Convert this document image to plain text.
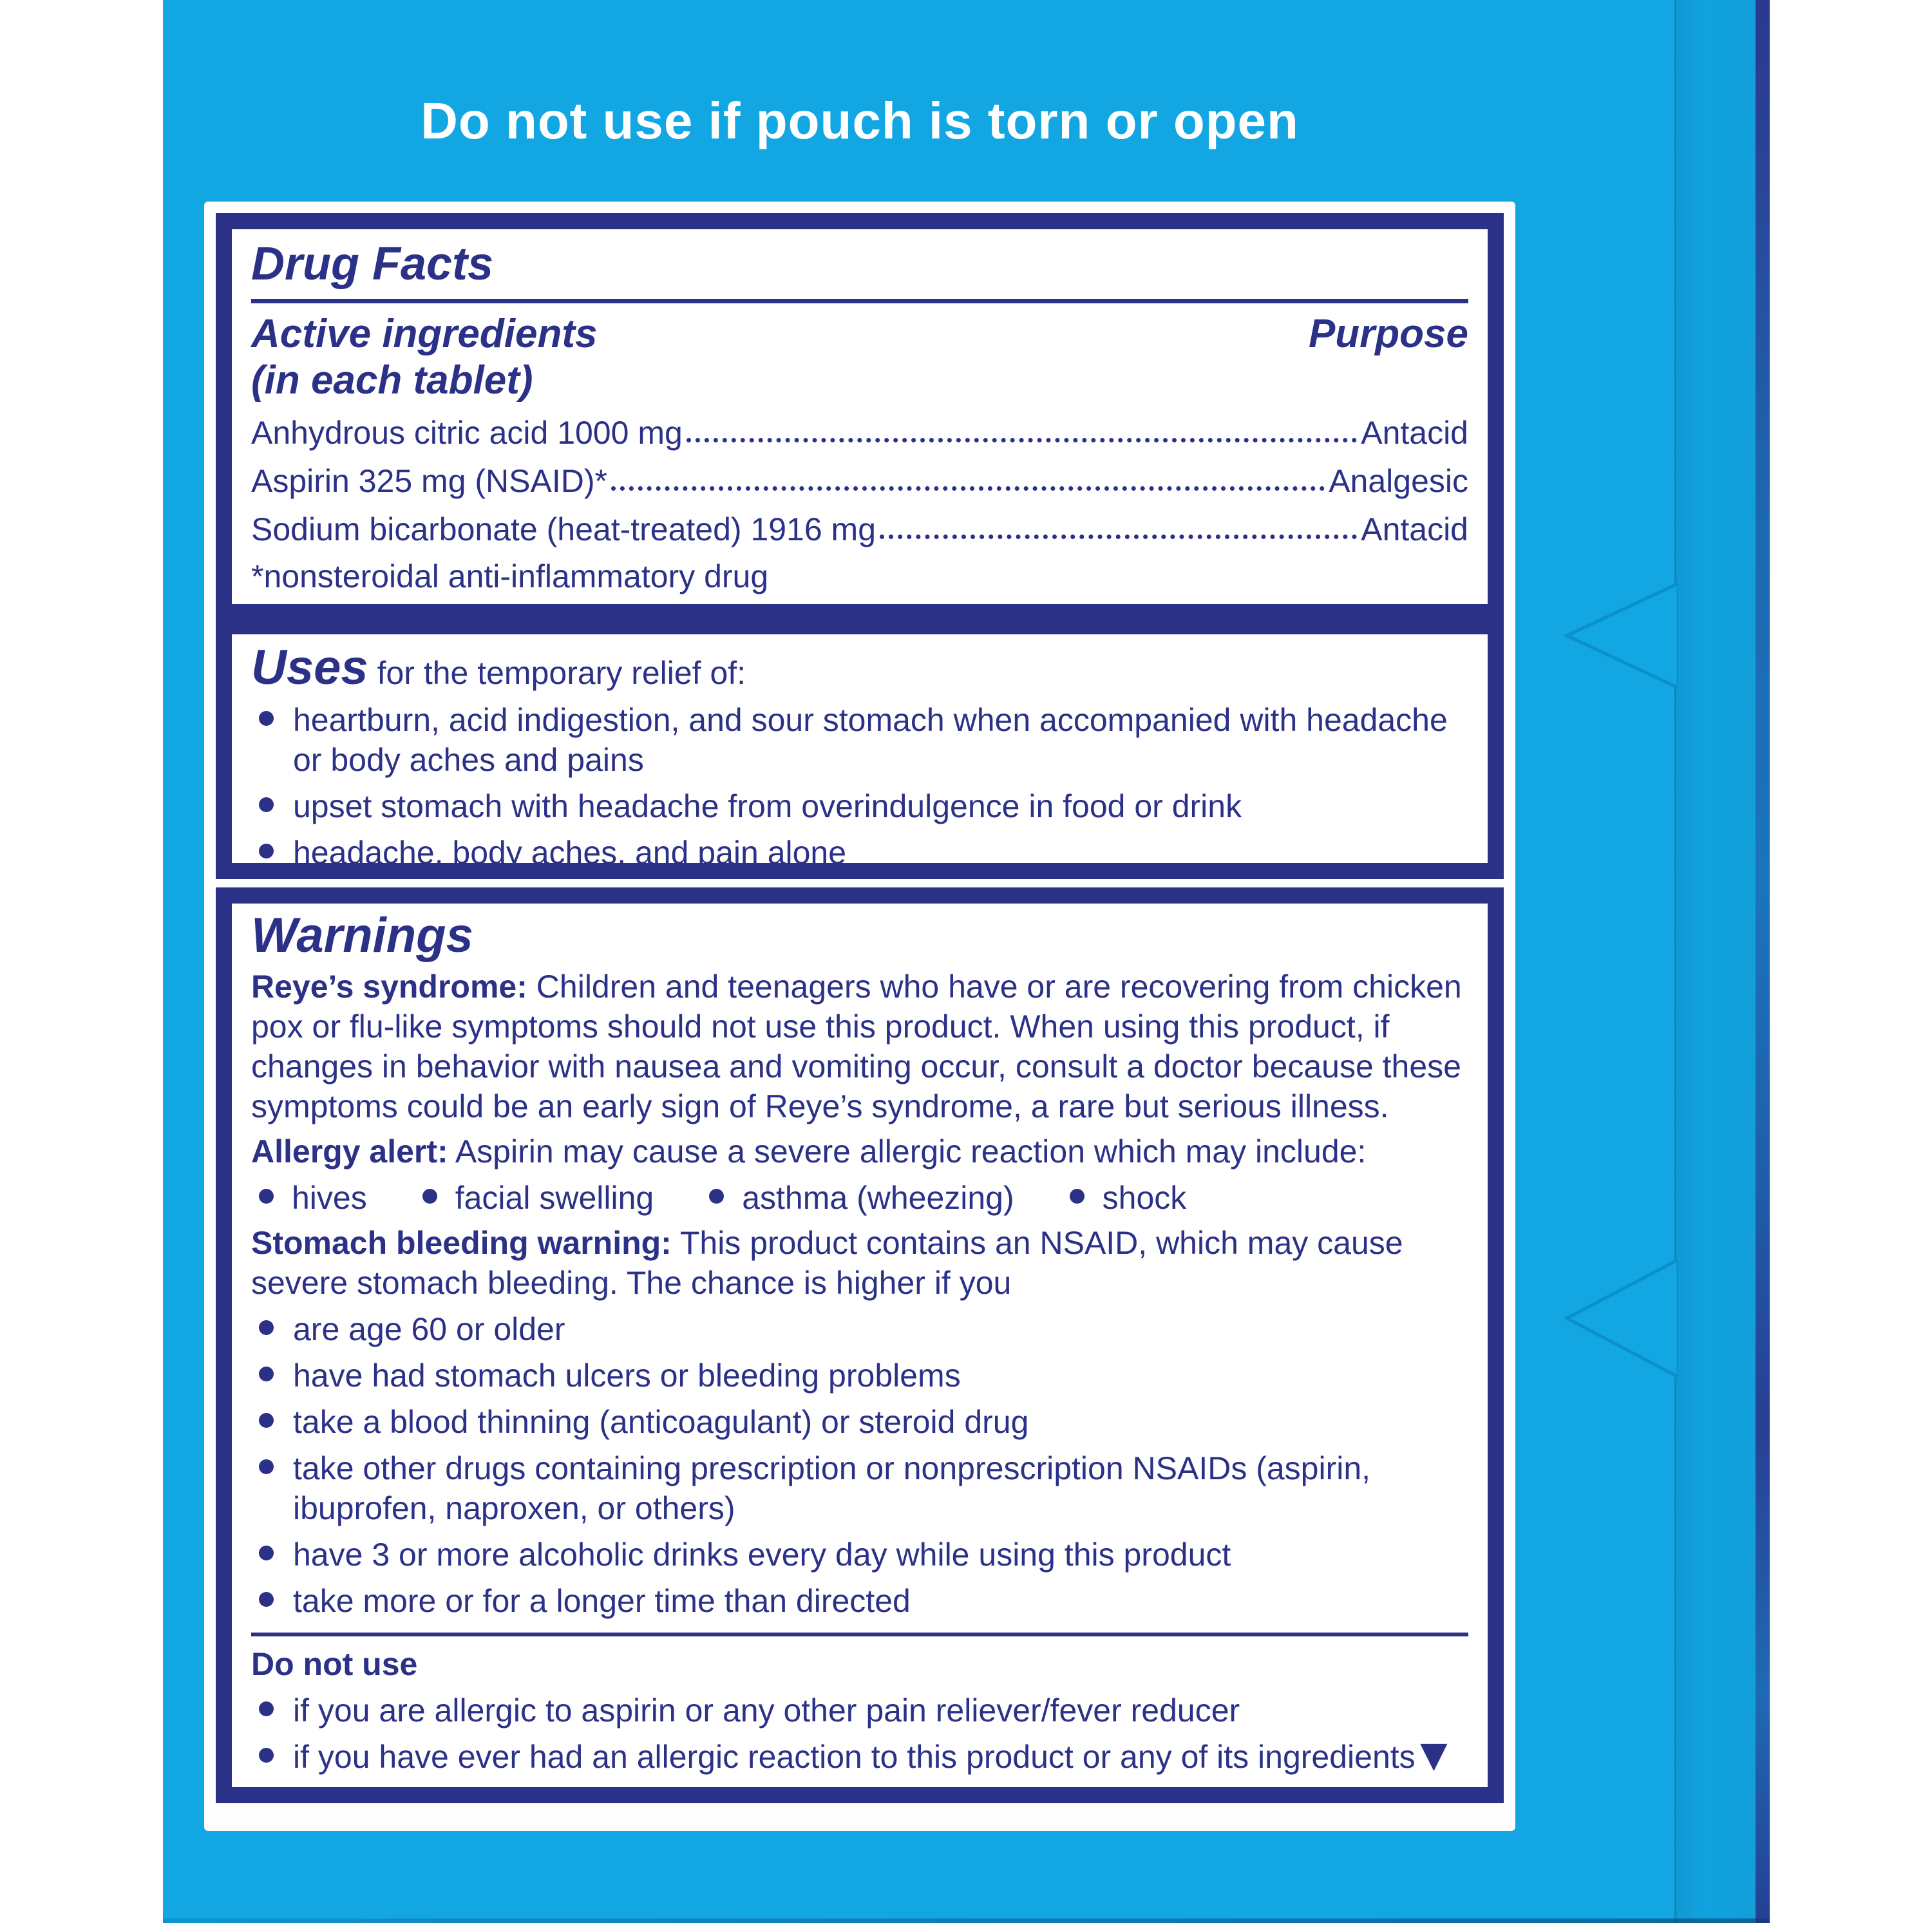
Do not use if pouch is torn or open
Drug Facts
Active ingredients
(in each tablet)
Purpose
Anhydrous citric acid 1000 mg	Antacid
Aspirin 325 mg (NSAID)*	Analgesic
Sodium bicarbonate (heat-treated) 1916 mg	Antacid
*nonsteroidal anti-inflammatory drug
Uses for the temporary relief of:
heartburn, acid indigestion, and sour stomach when accompanied with headache or body aches and pains
upset stomach with headache from overindulgence in food or drink
headache, body aches, and pain alone
Warnings

Reye’s syndrome: Children and teenagers who have or are recovering from chicken pox or flu-like symptoms should not use this product. When using this product, if changes in behavior with nausea and vomiting occur, consult a doctor because these symptoms could be an early sign of Reye’s syndrome, a rare but serious illness.

Allergy alert: Aspirin may cause a severe allergic reaction which may include:

hives	facial swelling	asthma (wheezing)	shock

Stomach bleeding warning: This product contains an NSAID, which may cause severe stomach bleeding. The chance is higher if you

are age 60 or older
have had stomach ulcers or bleeding problems
take a blood thinning (anticoagulant) or steroid drug
take other drugs containing prescription or nonprescription NSAIDs (aspirin, ibuprofen, naproxen, or others)
have 3 or more alcoholic drinks every day while using this product
take more or for a longer time than directed
Do not use
if you are allergic to aspirin or any other pain reliever/fever reducer
if you have ever had an allergic reaction to this product or any of its ingredients
▼
